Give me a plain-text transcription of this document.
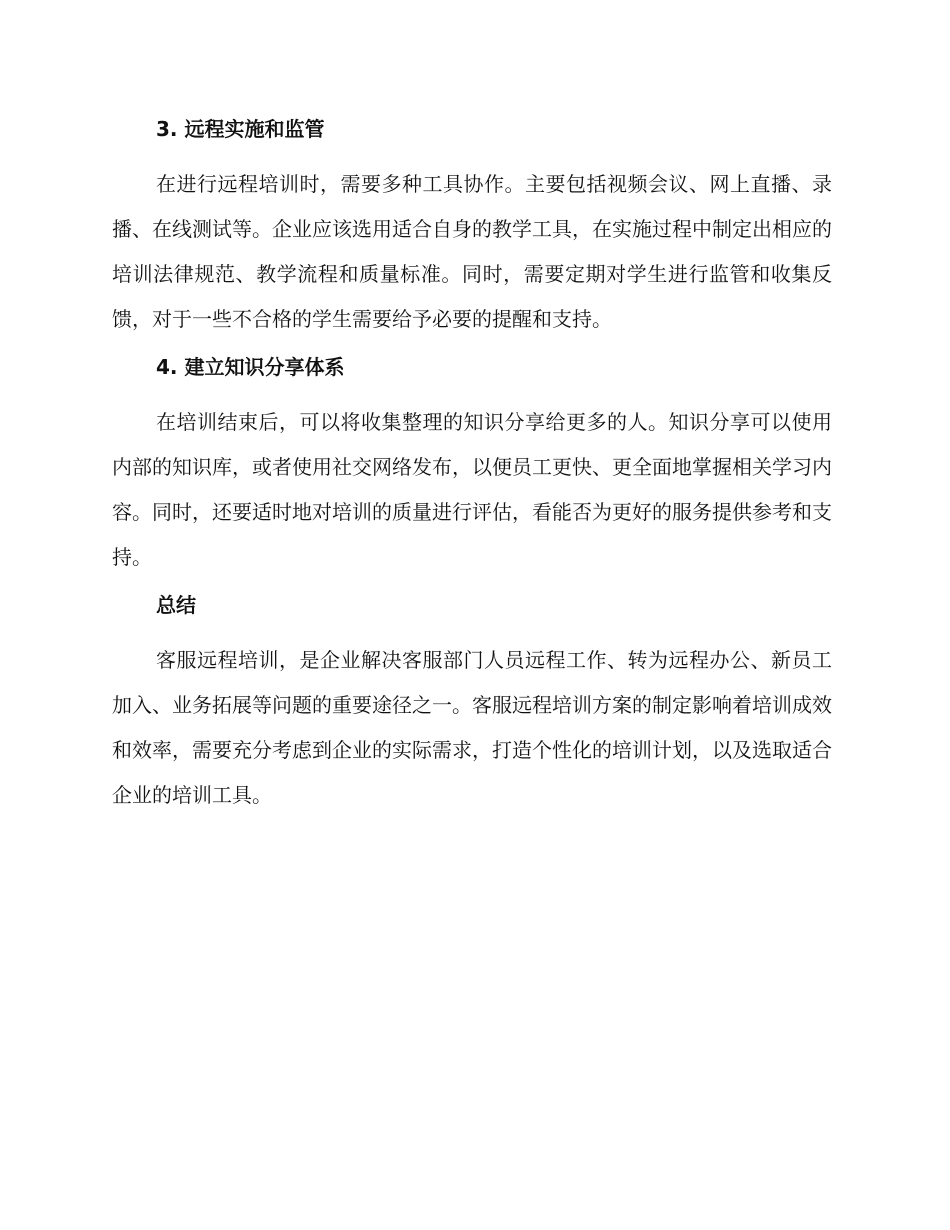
3. 远程实施和监管

在进行远程培训时，需要多种工具协作。主要包括视频会议、网上直播、录播、在线测试等。企业应该选用适合自身的教学工具，在实施过程中制定出相应的培训法律规范、教学流程和质量标准。同时，需要定期对学生进行监管和收集反馈，对于一些不合格的学生需要给予必要的提醒和支持。

4. 建立知识分享体系

在培训结束后，可以将收集整理的知识分享给更多的人。知识分享可以使用内部的知识库，或者使用社交网络发布，以便员工更快、更全面地掌握相关学习内容。同时，还要适时地对培训的质量进行评估，看能否为更好的服务提供参考和支持。

总结

客服远程培训，是企业解决客服部门人员远程工作、转为远程办公、新员工加入、业务拓展等问题的重要途径之一。客服远程培训方案的制定影响着培训成效和效率，需要充分考虑到企业的实际需求，打造个性化的培训计划，以及选取适合企业的培训工具。
